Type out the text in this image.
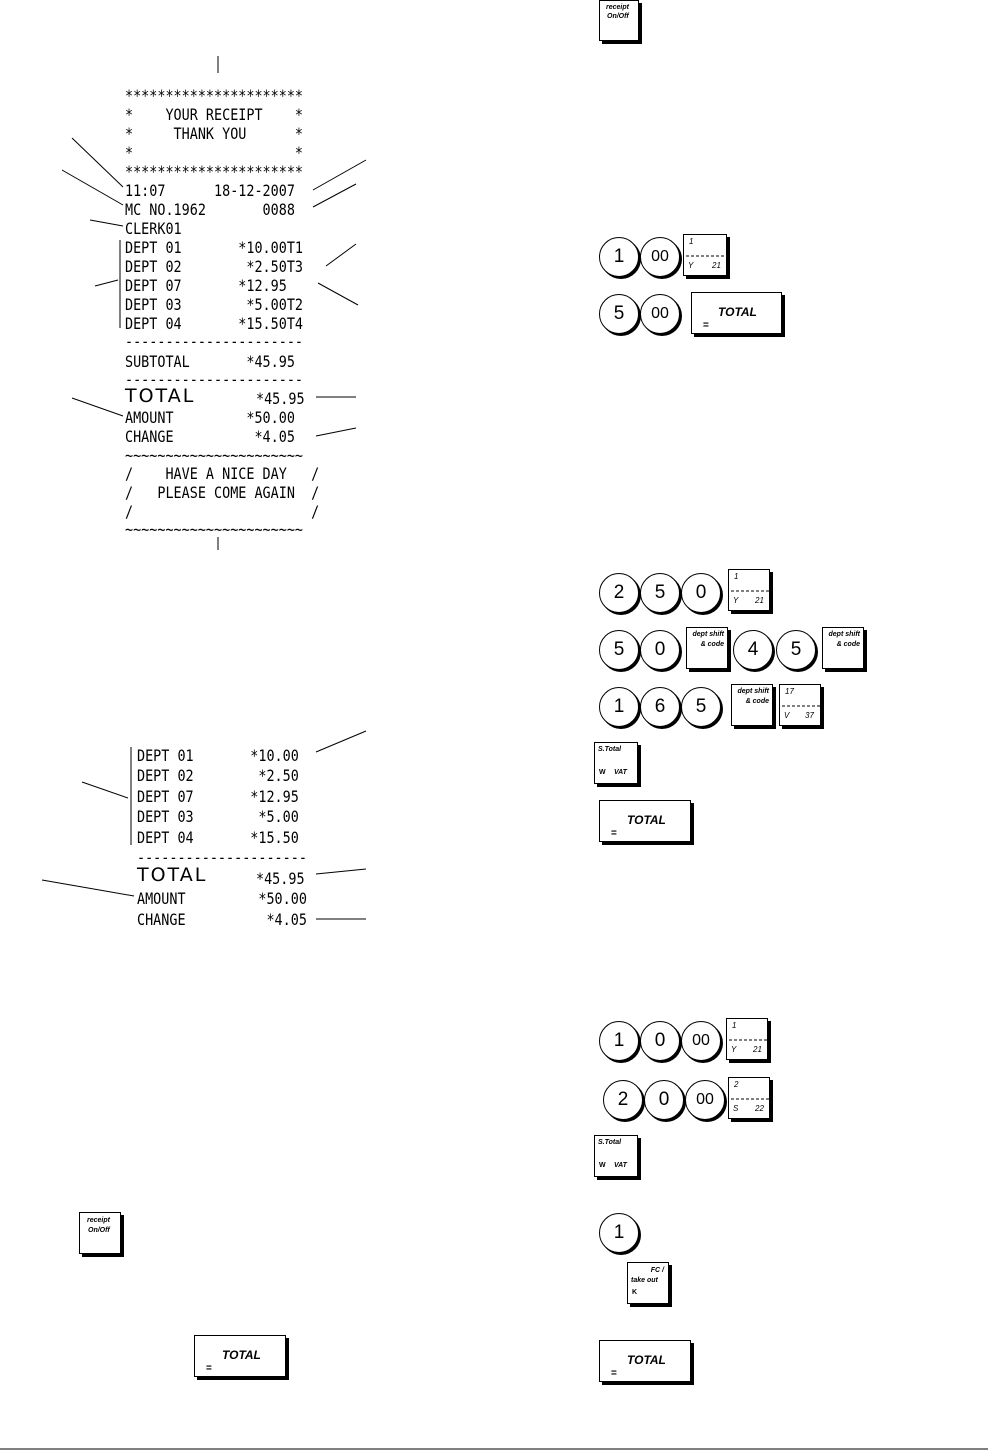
**********************
*    YOUR RECEIPT    *
*     THANK YOU      *
*                    *
**********************
11:07      18-12-2007
MC NO.1962       0088
CLERK01
DEPT 01       *10.00T1
DEPT 02        *2.50T3
DEPT 07       *12.95
DEPT 03        *5.00T2
DEPT 04       *15.50T4
----------------------
SUBTOTAL       *45.95
----------------------
TOTAL	*45.95
AMOUNT         *50.00
CHANGE          *4.05
~~~~~~~~~~~~~~~~~~~~~~
/    HAVE A NICE DAY   /
/   PLEASE COME AGAIN  /
/                      /
~~~~~~~~~~~~~~~~~~~~~~
DEPT 01       *10.00
DEPT 02        *2.50
DEPT 07       *12.95
DEPT 03        *5.00
DEPT 04       *15.50
---------------------
TOTAL	*45.95
AMOUNT         *50.00
CHANGE          *4.05
receipt
On/Off
1	00
1
Y 21
5	00	TOTAL
=
2	5	0
1
Y 21
5	0
dept shift
& code	4	5
dept shift
& code
1	6	5
dept shift
& code
17
V 37
S.Total
W VAT
TOTAL
=
1	0	00
1
Y 21
2	0	00
2
S 22
S.Total
W VAT
1
FC /
take out
K
TOTAL
=
receipt
On/Off
TOTAL
=
